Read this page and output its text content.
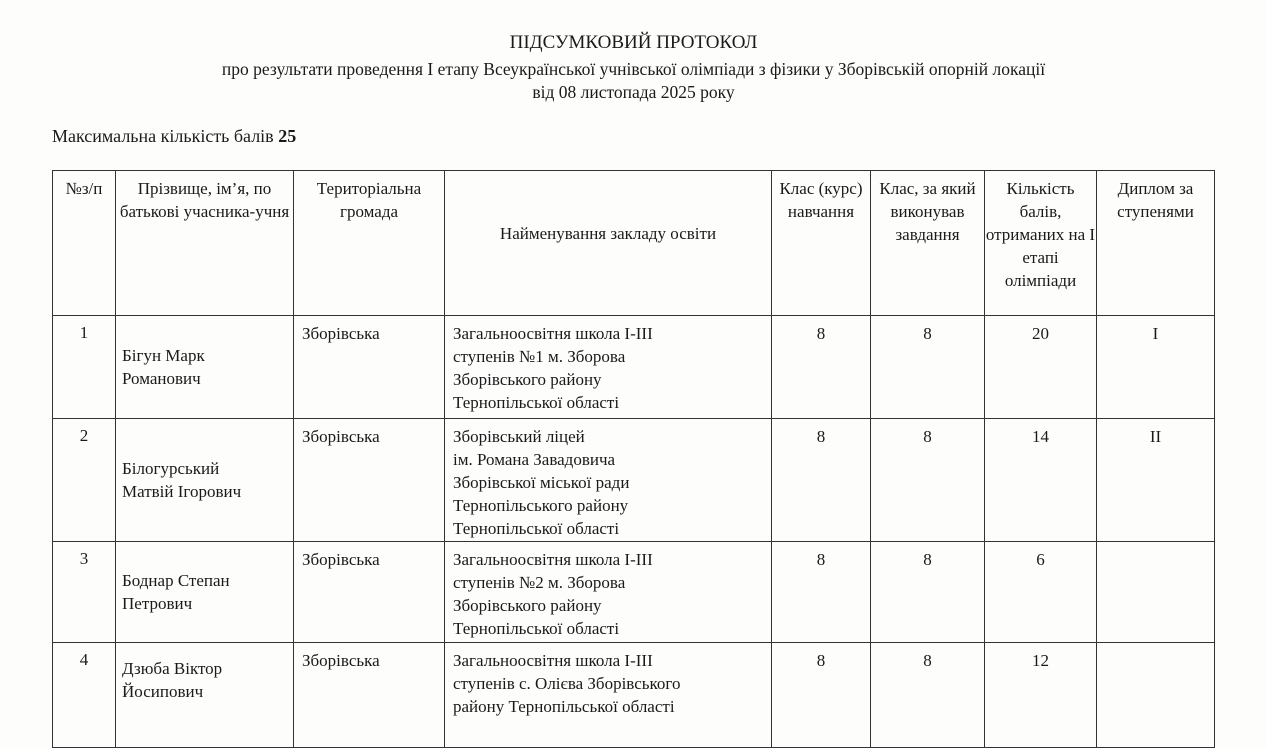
ПІДСУМКОВИЙ ПРОТОКОЛ
про результати проведення І етапу Всеукраїнської учнівської олімпіади з фізики у Зборівській опорній локації
від 08 листопада 2025 року
Максимальна кількість балів 25
№з/п	Прізвище, ім’я, по батькові учасника-учня	Територіальна громада	Найменування закладу освіти	Клас (курс) навчання	Клас, за який виконував завдання	Кількість балів, отриманих на І етапі олімпіади	Диплом за ступенями
1	Бігун Марк
Романович	Зборівська	Загальноосвітня школа І-ІІІ
ступенів №1 м. Зборова
Зборівського району
Тернопільської області	8	8	20	I
2	Білогурський
Матвій Ігорович	Зборівська	Зборівський ліцей
ім. Романа Завадовича
Зборівської міської ради
Тернопільського району
Тернопільської області	8	8	14	II
3	Боднар Степан
Петрович	Зборівська	Загальноосвітня школа І-ІІІ
ступенів №2 м. Зборова
Зборівського району
Тернопільської області	8	8	6	
4	Дзюба Віктор
Йосипович	Зборівська	Загальноосвітня школа І-ІІІ
ступенів с. Олієва Зборівського
району Тернопільської області	8	8	12	
